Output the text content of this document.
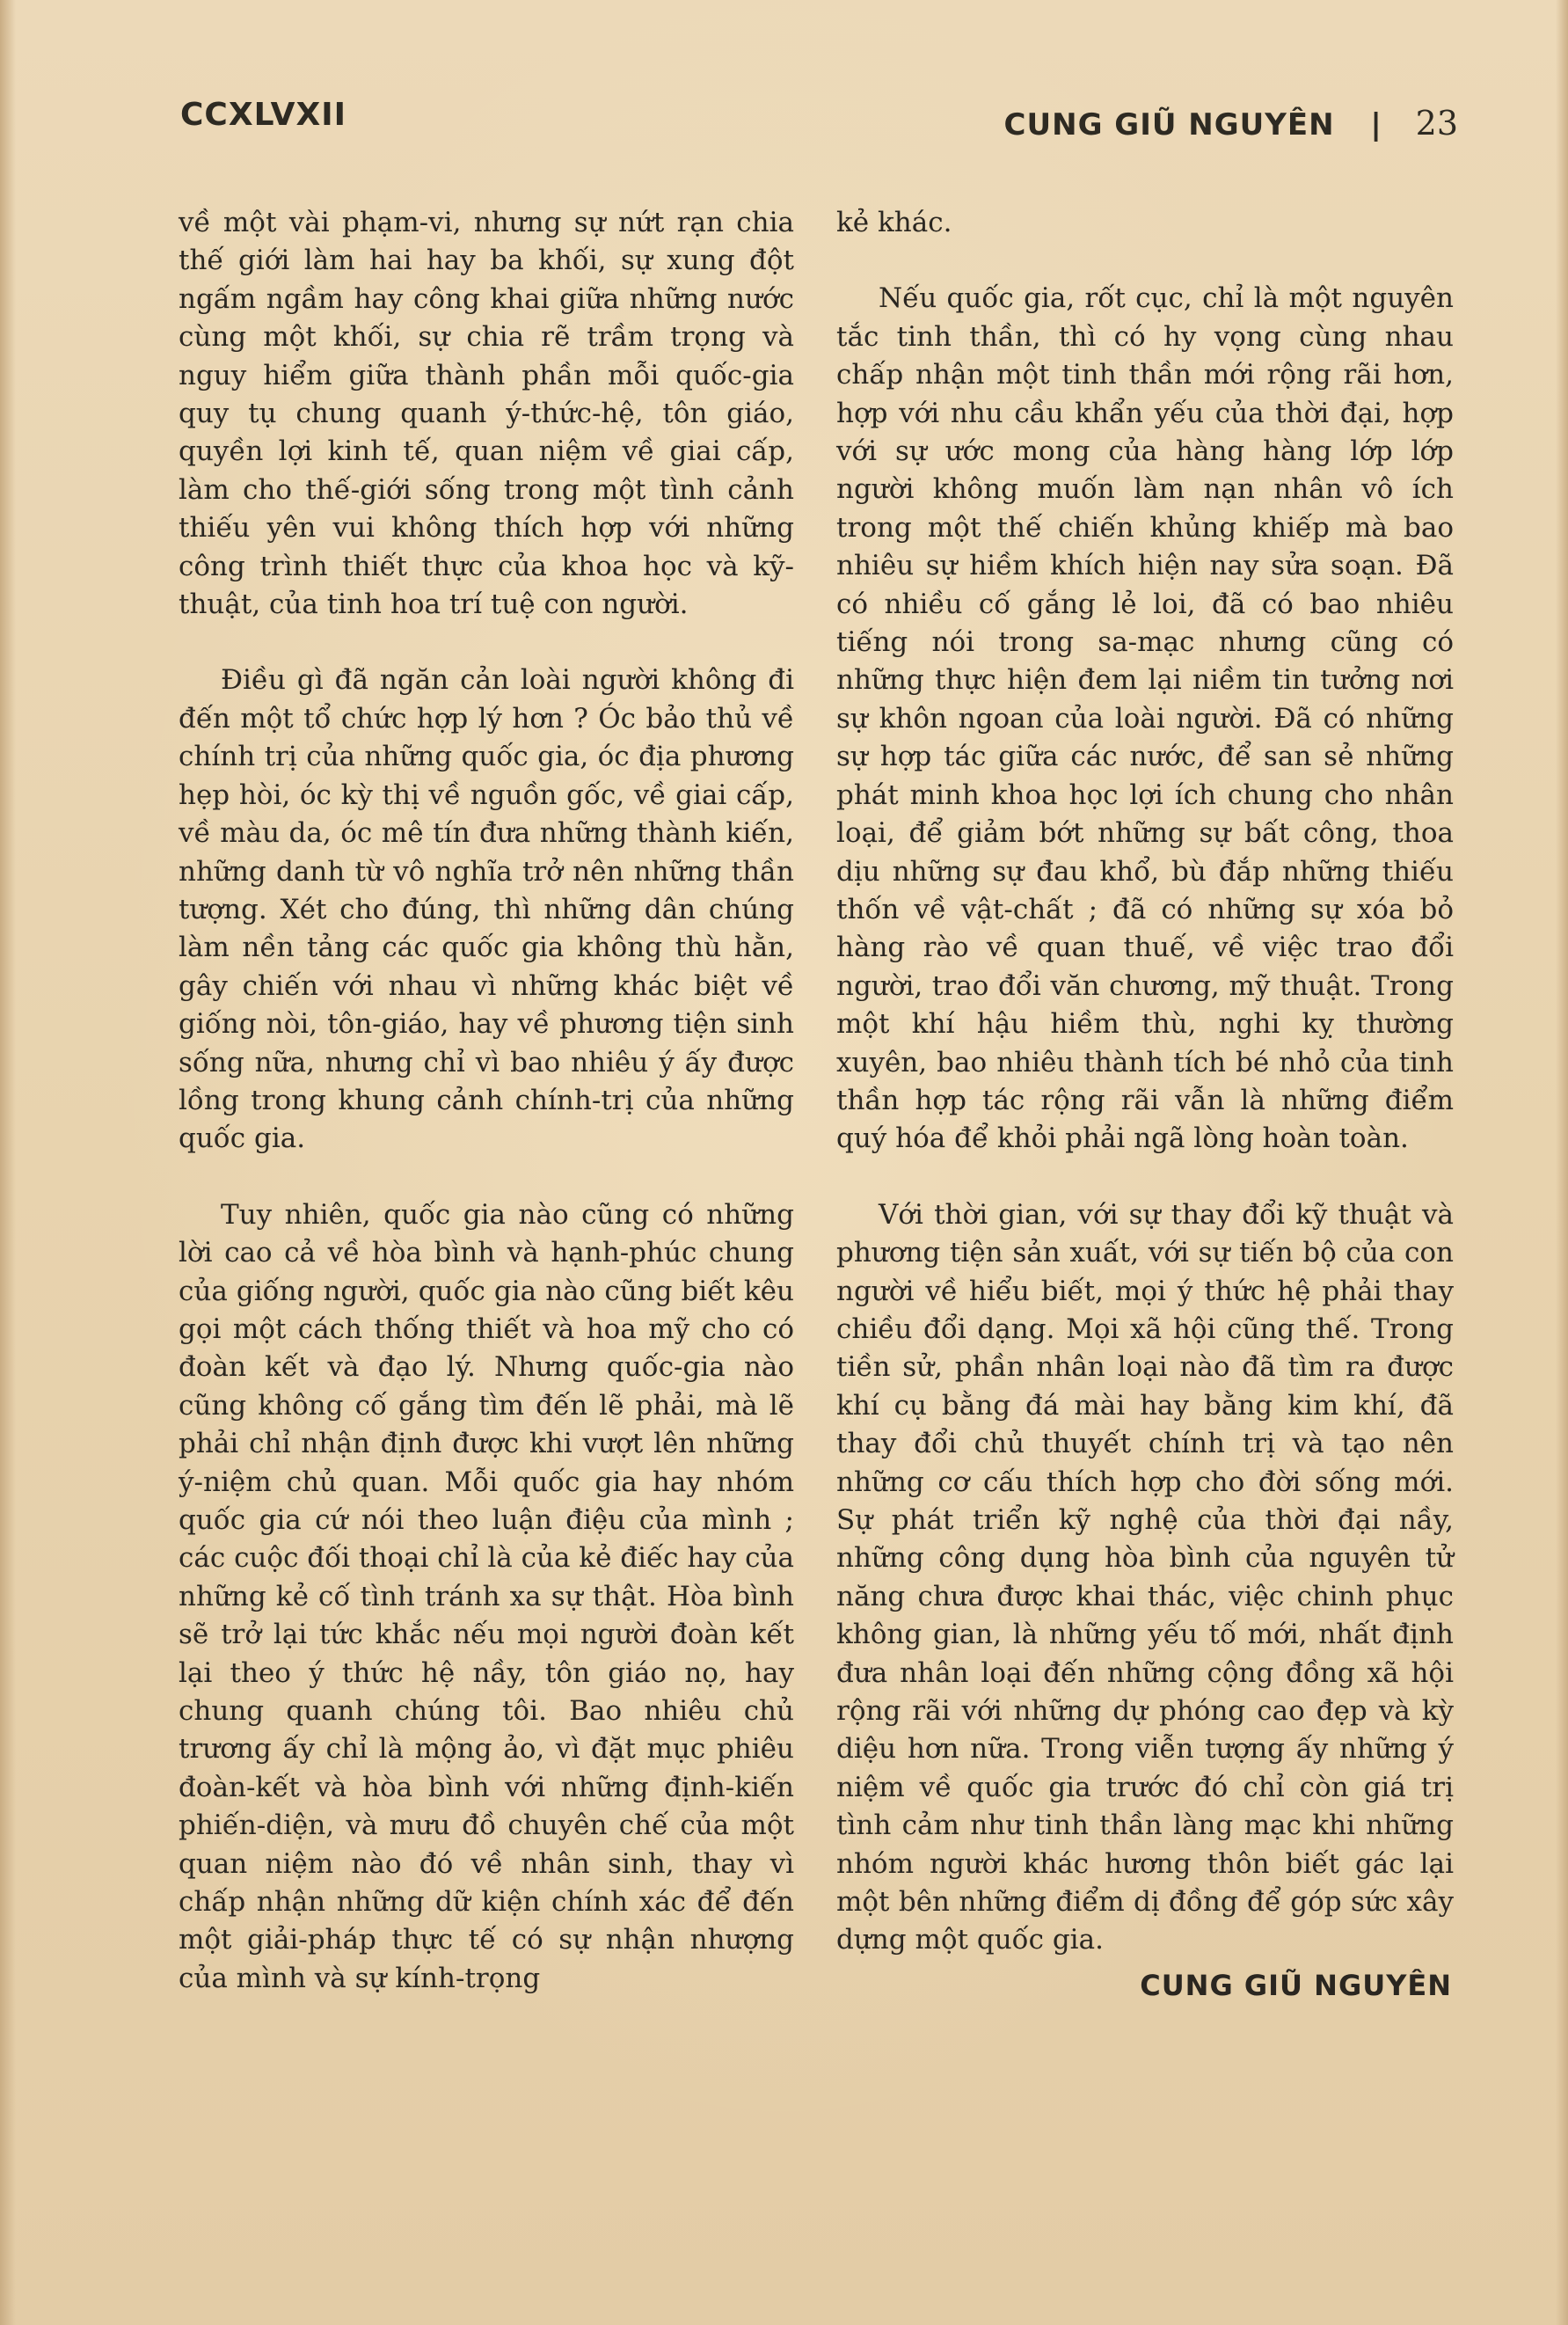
CCXLVXII	CUNG GIŨ NGUYÊN | 23

về một vài phạm-vi, nhưng sự nứt rạn chia thế giới làm hai hay ba khối, sự xung đột ngấm ngầm hay công khai giữa những nước cùng một khối, sự chia rẽ trầm trọng và nguy hiểm giữa thành phần mỗi quốc-gia quy tụ chung quanh ý-thức-hệ, tôn giáo, quyền lợi kinh tế, quan niệm về giai cấp, làm cho thế-giới sống trong một tình cảnh thiếu yên vui không thích hợp với những công trình thiết thực của khoa học và kỹ-thuật, của tinh hoa trí tuệ con người.

Điều gì đã ngăn cản loài người không đi đến một tổ chức hợp lý hơn ? Óc bảo thủ về chính trị của những quốc gia, óc địa phương hẹp hòi, óc kỳ thị về nguồn gốc, về giai cấp, về màu da, óc mê tín đưa những thành kiến, những danh từ vô nghĩa trở nên những thần tượng. Xét cho đúng, thì những dân chúng làm nền tảng các quốc gia không thù hằn, gây chiến với nhau vì những khác biệt về giống nòi, tôn-giáo, hay về phương tiện sinh sống nữa, nhưng chỉ vì bao nhiêu ý ấy được lồng trong khung cảnh chính-trị của những quốc gia.

Tuy nhiên, quốc gia nào cũng có những lời cao cả về hòa bình và hạnh-phúc chung của giống người, quốc gia nào cũng biết kêu gọi một cách thống thiết và hoa mỹ cho có đoàn kết và đạo lý. Nhưng quốc-gia nào cũng không cố gắng tìm đến lẽ phải, mà lẽ phải chỉ nhận định được khi vượt lên những ý-niệm chủ quan. Mỗi quốc gia hay nhóm quốc gia cứ nói theo luận điệu của mình ; các cuộc đối thoại chỉ là của kẻ điếc hay của những kẻ cố tình tránh xa sự thật. Hòa bình sẽ trở lại tức khắc nếu mọi người đoàn kết lại theo ý thức hệ nầy, tôn giáo nọ, hay chung quanh chúng tôi. Bao nhiêu chủ trương ấy chỉ là mộng ảo, vì đặt mục phiêu đoàn-kết và hòa bình với những định-kiến phiến-diện, và mưu đồ chuyên chế của một quan niệm nào đó về nhân sinh, thay vì chấp nhận những dữ kiện chính xác để đến một giải-pháp thực tế có sự nhận nhượng của mình và sự kính-trọng

kẻ khác.

Nếu quốc gia, rốt cục, chỉ là một nguyên tắc tinh thần, thì có hy vọng cùng nhau chấp nhận một tinh thần mới rộng rãi hơn, hợp với nhu cầu khẩn yếu của thời đại, hợp với sự ước mong của hàng hàng lớp lớp người không muốn làm nạn nhân vô ích trong một thế chiến khủng khiếp mà bao nhiêu sự hiềm khích hiện nay sửa soạn. Đã có nhiều cố gắng lẻ loi, đã có bao nhiêu tiếng nói trong sa-mạc nhưng cũng có những thực hiện đem lại niềm tin tưởng nơi sự khôn ngoan của loài người. Đã có những sự hợp tác giữa các nước, để san sẻ những phát minh khoa học lợi ích chung cho nhân loại, để giảm bớt những sự bất công, thoa dịu những sự đau khổ, bù đắp những thiếu thốn về vật-chất ; đã có những sự xóa bỏ hàng rào về quan thuế, về việc trao đổi người, trao đổi văn chương, mỹ thuật. Trong một khí hậu hiềm thù, nghi kỵ thường xuyên, bao nhiêu thành tích bé nhỏ của tinh thần hợp tác rộng rãi vẫn là những điểm quý hóa để khỏi phải ngã lòng hoàn toàn.

Với thời gian, với sự thay đổi kỹ thuật và phương tiện sản xuất, với sự tiến bộ của con người về hiểu biết, mọi ý thức hệ phải thay chiều đổi dạng. Mọi xã hội cũng thế. Trong tiền sử, phần nhân loại nào đã tìm ra được khí cụ bằng đá mài hay bằng kim khí, đã thay đổi chủ thuyết chính trị và tạo nên những cơ cấu thích hợp cho đời sống mới. Sự phát triển kỹ nghệ của thời đại nầy, những công dụng hòa bình của nguyên tử năng chưa được khai thác, việc chinh phục không gian, là những yếu tố mới, nhất định đưa nhân loại đến những cộng đồng xã hội rộng rãi với những dự phóng cao đẹp và kỳ diệu hơn nữa. Trong viễn tượng ấy những ý niệm về quốc gia trước đó chỉ còn giá trị tình cảm như tinh thần làng mạc khi những nhóm người khác hương thôn biết gác lại một bên những điểm dị đồng để góp sức xây dựng một quốc gia.

CUNG GIŨ NGUYÊN
